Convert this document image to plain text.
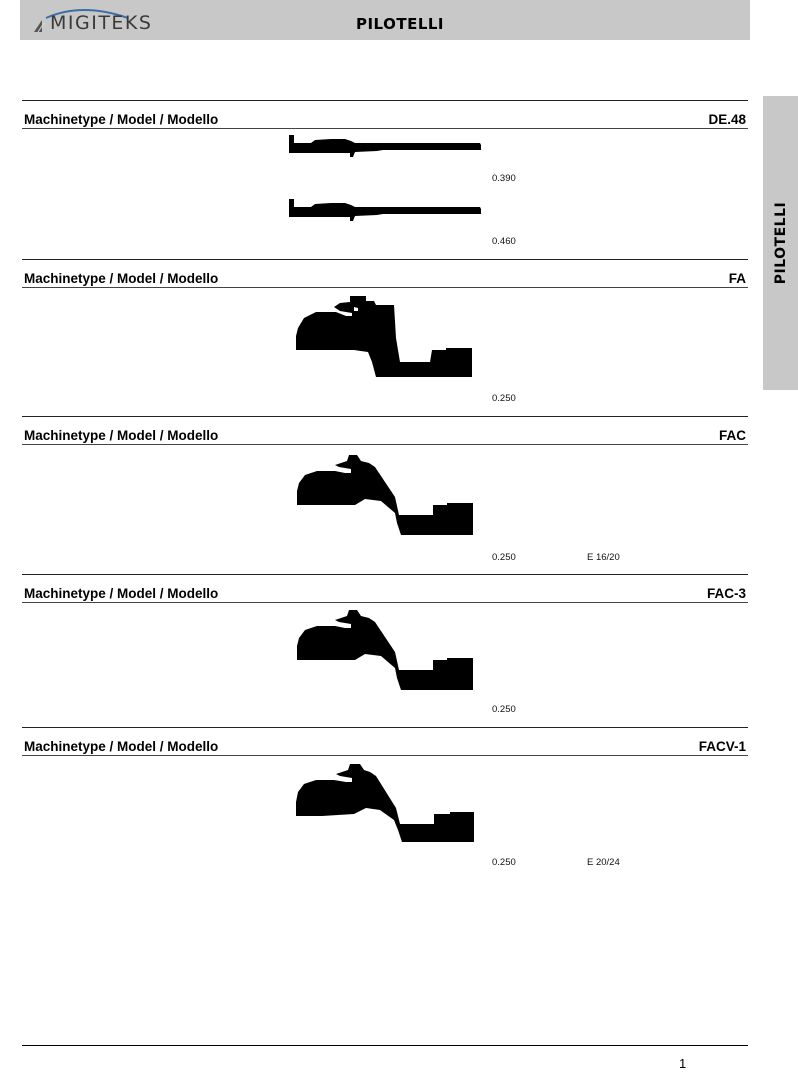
MIGITEKS	PILOTELLI
PILOTELLI
Machinetype / Model / Modello	DE.48
0.390
0.460
Machinetype / Model / Modello	FA
0.250
Machinetype / Model / Modello	FAC
0.250	E 16/20
Machinetype / Model / Modello	FAC-3
0.250
Machinetype / Model / Modello	FACV-1
0.250	E 20/24
1
